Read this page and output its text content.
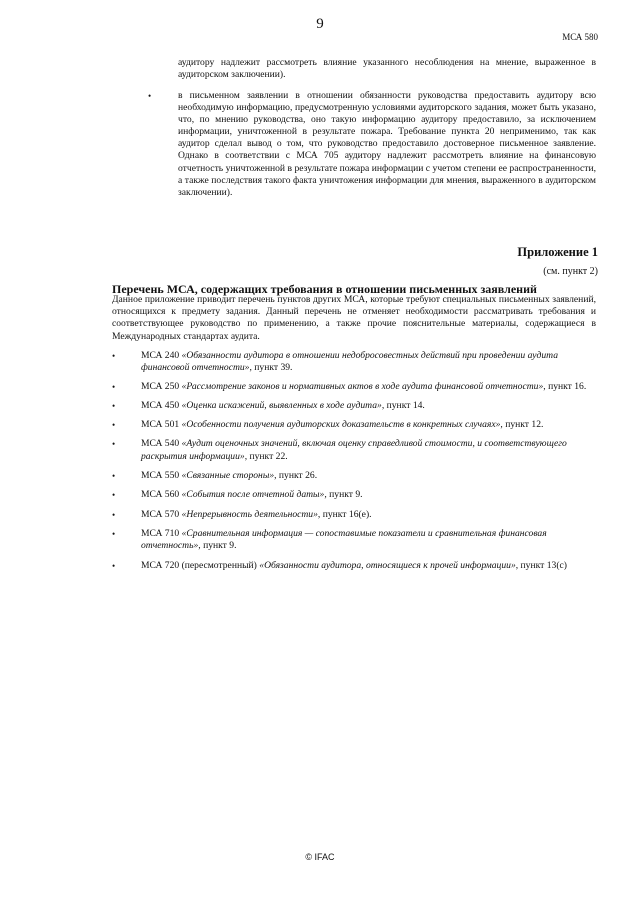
9
МСА 580

аудитору надлежит рассмотреть влияние указанного несоблюдения на мнение, выраженное в аудиторском заключении).

•	в письменном заявлении в отношении обязанности руководства предоставить аудитору всю необходимую информацию, предусмотренную условиями аудиторского задания, может быть указано, что, по мнению руководства, оно такую информацию аудитору предоставило, за исключением информации, уничтоженной в результате пожара. Требование пункта 20 неприменимо, так как аудитор сделал вывод о том, что руководство предоставило достоверное письменное заявление. Однако в соответствии с МСА 705 аудитору надлежит рассмотреть влияние на финансовую отчетность уничтоженной в результате пожара информации с учетом степени ее распространенности, а также последствия такого факта уничтожения информации для мнения, выраженного в аудиторском заключении).
Приложение 1
(см. пункт 2)
Перечень МСА, содержащих требования в отношении письменных заявлений

Данное приложение приводит перечень пунктов других МСА, которые требуют специальных письменных заявлений, относящихся к предмету задания. Данный перечень не отменяет необходимости рассматривать требования и соответствующее руководство по применению, а также прочие пояснительные материалы, содержащиеся в Международных стандартах аудита.

•	МСА 240 «Обязанности аудитора в отношении недобросовестных действий при проведении аудита финансовой отчетности», пункт 39.
•	МСА 250 «Рассмотрение законов и нормативных актов в ходе аудита финансовой отчетности», пункт 16.
•	МСА 450 «Оценка искажений, выявленных в ходе аудита», пункт 14.
•	МСА 501 «Особенности получения аудиторских доказательств в конкретных случаях», пункт 12.
•	МСА 540 «Аудит оценочных значений, включая оценку справедливой стоимости, и соответствующего раскрытия информации», пункт 22.
•	МСА 550 «Связанные стороны», пункт 26.
•	МСА 560 «События после отчетной даты», пункт 9.
•	МСА 570 «Непрерывность деятельности», пункт 16(е).
•	МСА 710 «Сравнительная информация — сопоставимые показатели и сравнительная финансовая отчетность», пункт 9.
•	МСА 720 (пересмотренный) «Обязанности аудитора, относящиеся к прочей информации», пункт 13(c)
© IFAC
